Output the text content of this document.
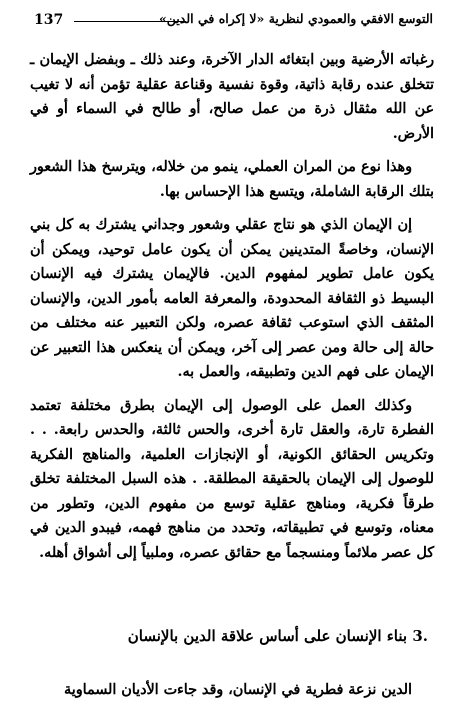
137	التوسع الافقي والعمودي لنظرية «لا إكراه في الدين»

رغباته الأرضية وبين ابتغائه الدار الآخرة، وعند ذلك ـ وبفضل الإيمان ـ تتخلق عنده رقابة ذاتية، وقوة نفسية وقناعة عقلية تؤمن أنه لا تغيب عن الله مثقال ذرة من عمل صالح، أو طالح في السماء أو في الأرض.

وهذا نوع من المران العملي، ينمو من خلاله، ويترسخ هذا الشعور بتلك الرقابة الشاملة، ويتسع هذا الإحساس بها.

إن الإيمان الذي هو نتاج عقلي وشعور وجداني يشترك به كل بني الإنسان، وخاصةً المتدينين يمكن أن يكون عامل توحيد، ويمكن أن يكون عامل تطوير لمفهوم الدين. فالإيمان يشترك فيه الإنسان البسيط ذو الثقافة المحدودة، والمعرفة العامه بأمور الدين، والإنسان المثقف الذي استوعب ثقافة عصره، ولكن التعبير عنه مختلف من حالة إلى حالة ومن عصر إلى آخر، ويمكن أن ينعكس هذا التعبير عن الإيمان على فهم الدين وتطبيقه، والعمل به.

وكذلك العمل على الوصول إلى الإيمان بطرق مختلفة تعتمد الفطرة تارة، والعقل تارة أخرى، والحس ثالثة، والحدس رابعة. . . وتكريس الحقائق الكونية، أو الإنجازات العلمية، والمناهج الفكرية للوصول إلى الإيمان بالحقيقة المطلقة. . هذه السبل المختلفة تخلق طرقاً فكرية، ومناهج عقلية توسع من مفهوم الدين، وتطور من معناه، وتوسع في تطبيقاته، وتحدد من مناهج فهمه، فيبدو الدين في كل عصر ملائماً ومنسجماً مع حقائق عصره، وملبياً إلى أشواق أهله.

3. بناء الإنسان على أساس علاقة الدين بالإنسان

الدين نزعة فطرية في الإنسان، وقد جاءت الأديان السماوية
